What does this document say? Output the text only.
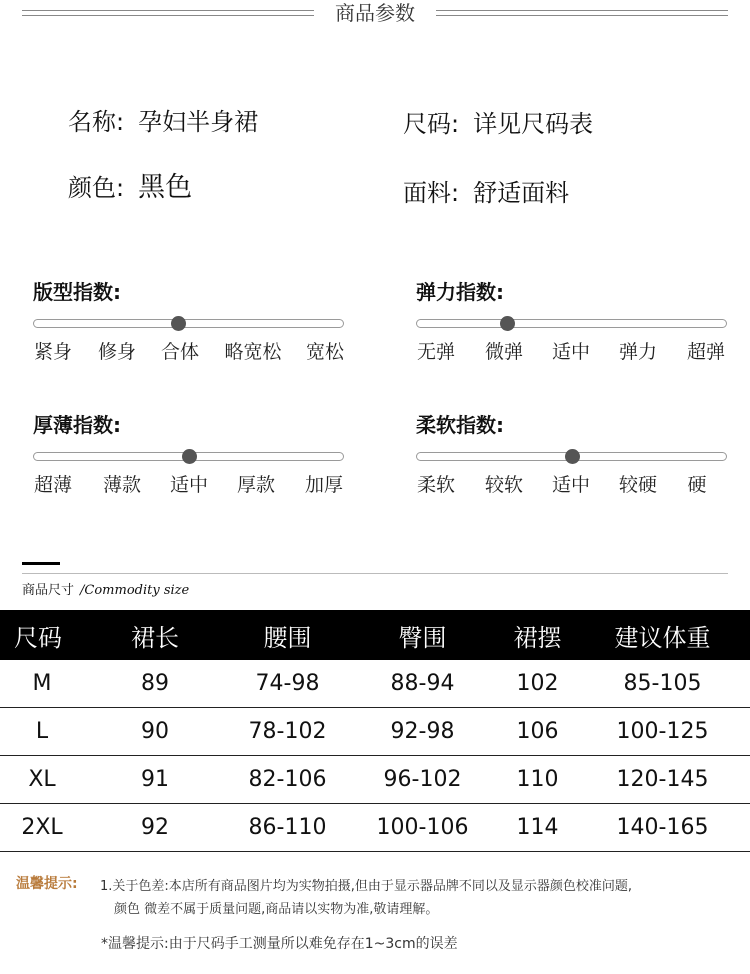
商品参数
名称: 孕妇半身裙	尺码: 详见尺码表
颜色: 黑色	面料: 舒适面料
版型指数:
紧身 修身 合体 略宽松 宽松
弹力指数:
无弹 微弹 适中 弹力 超弹
厚薄指数:
超薄 薄款 适中 厚款 加厚
柔软指数:
柔软 较软 适中 较硬 硬
商品尺寸 /Commodity size
尺码	裙长	腰围	臀围	裙摆	建议体重
M	89	74-98	88-94	102	85-105
L	90	78-102	92-98	106	100-125
XL	91	82-106	96-102	110	120-145
2XL	92	86-110	100-106	114	140-165
温馨提示: 1.关于色差:本店所有商品图片均为实物拍摄,但由于显示器品牌不同以及显示器颜色校准问题,
颜色 微差不属于质量问题,商品请以实物为准,敬请理解。
*温馨提示:由于尺码手工测量所以难免存在1~3cm的误差
